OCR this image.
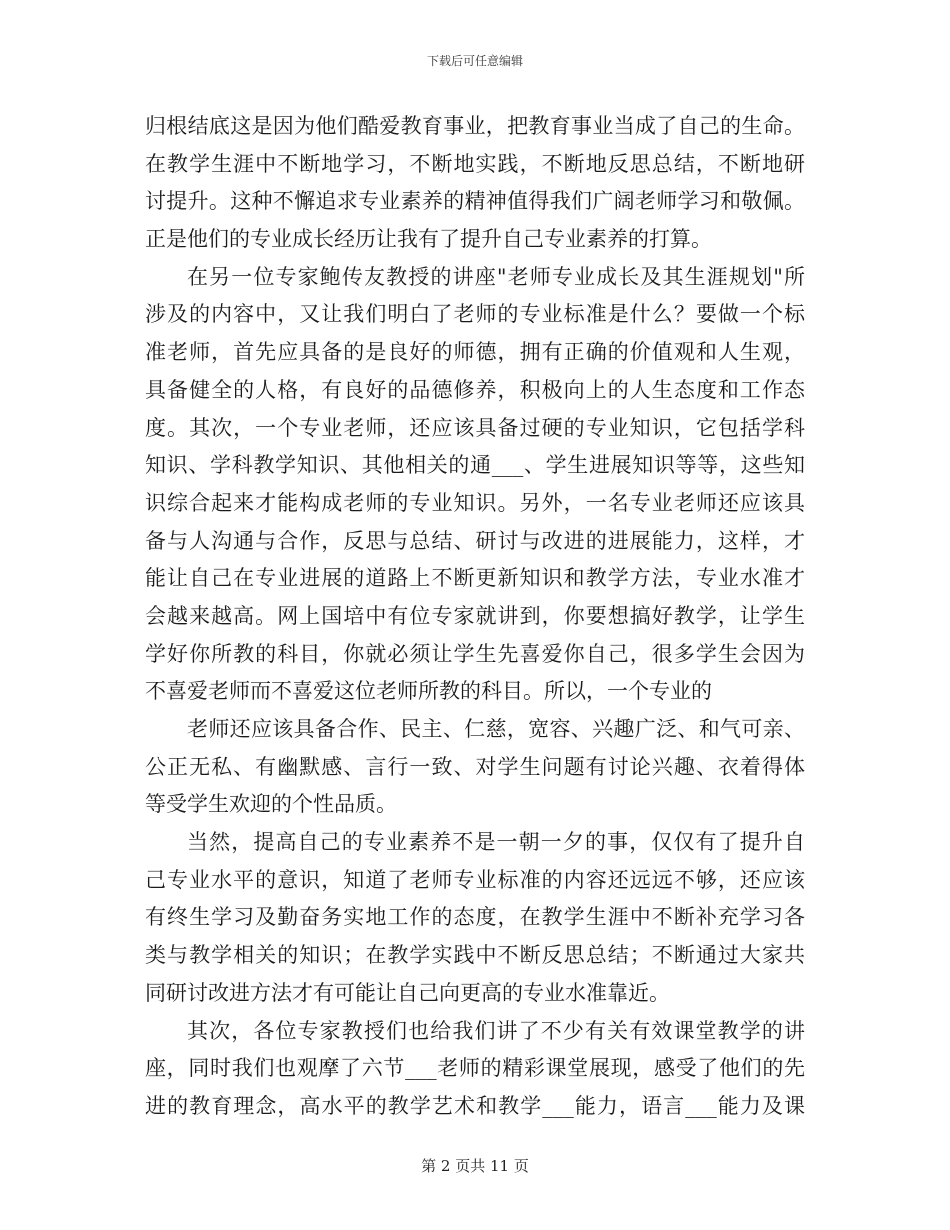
下载后可任意编辑
归根结底这是因为他们酷爱教育事业，把教育事业当成了自己的生命。
在教学生涯中不断地学习，不断地实践，不断地反思总结，不断地研
讨提升。这种不懈追求专业素养的精神值得我们广阔老师学习和敬佩。
正是他们的专业成长经历让我有了提升自己专业素养的打算。
在另一位专家鲍传友教授的讲座"老师专业成长及其生涯规划"所
涉及的内容中，又让我们明白了老师的专业标准是什么？要做一个标
准老师，首先应具备的是良好的师德，拥有正确的价值观和人生观，
具备健全的人格，有良好的品德修养，积极向上的人生态度和工作态
度。其次，一个专业老师，还应该具备过硬的专业知识，它包括学科
知识、学科教学知识、其他相关的通___、学生进展知识等等，这些知
识综合起来才能构成老师的专业知识。另外，一名专业老师还应该具
备与人沟通与合作，反思与总结、研讨与改进的进展能力，这样，才
能让自己在专业进展的道路上不断更新知识和教学方法，专业水准才
会越来越高。网上国培中有位专家就讲到，你要想搞好教学，让学生
学好你所教的科目，你就必须让学生先喜爱你自己，很多学生会因为
不喜爱老师而不喜爱这位老师所教的科目。所以，一个专业的
老师还应该具备合作、民主、仁慈，宽容、兴趣广泛、和气可亲、
公正无私、有幽默感、言行一致、对学生问题有讨论兴趣、衣着得体
等受学生欢迎的个性品质。
当然，提高自己的专业素养不是一朝一夕的事，仅仅有了提升自
己专业水平的意识，知道了老师专业标准的内容还远远不够，还应该
有终生学习及勤奋务实地工作的态度，在教学生涯中不断补充学习各
类与教学相关的知识；在教学实践中不断反思总结；不断通过大家共
同研讨改进方法才有可能让自己向更高的专业水准靠近。
其次，各位专家教授们也给我们讲了不少有关有效课堂教学的讲
座，同时我们也观摩了六节___老师的精彩课堂展现，感受了他们的先
进的教育理念，高水平的教学艺术和教学___能力，语言___能力及课
第 2 页共 11 页
